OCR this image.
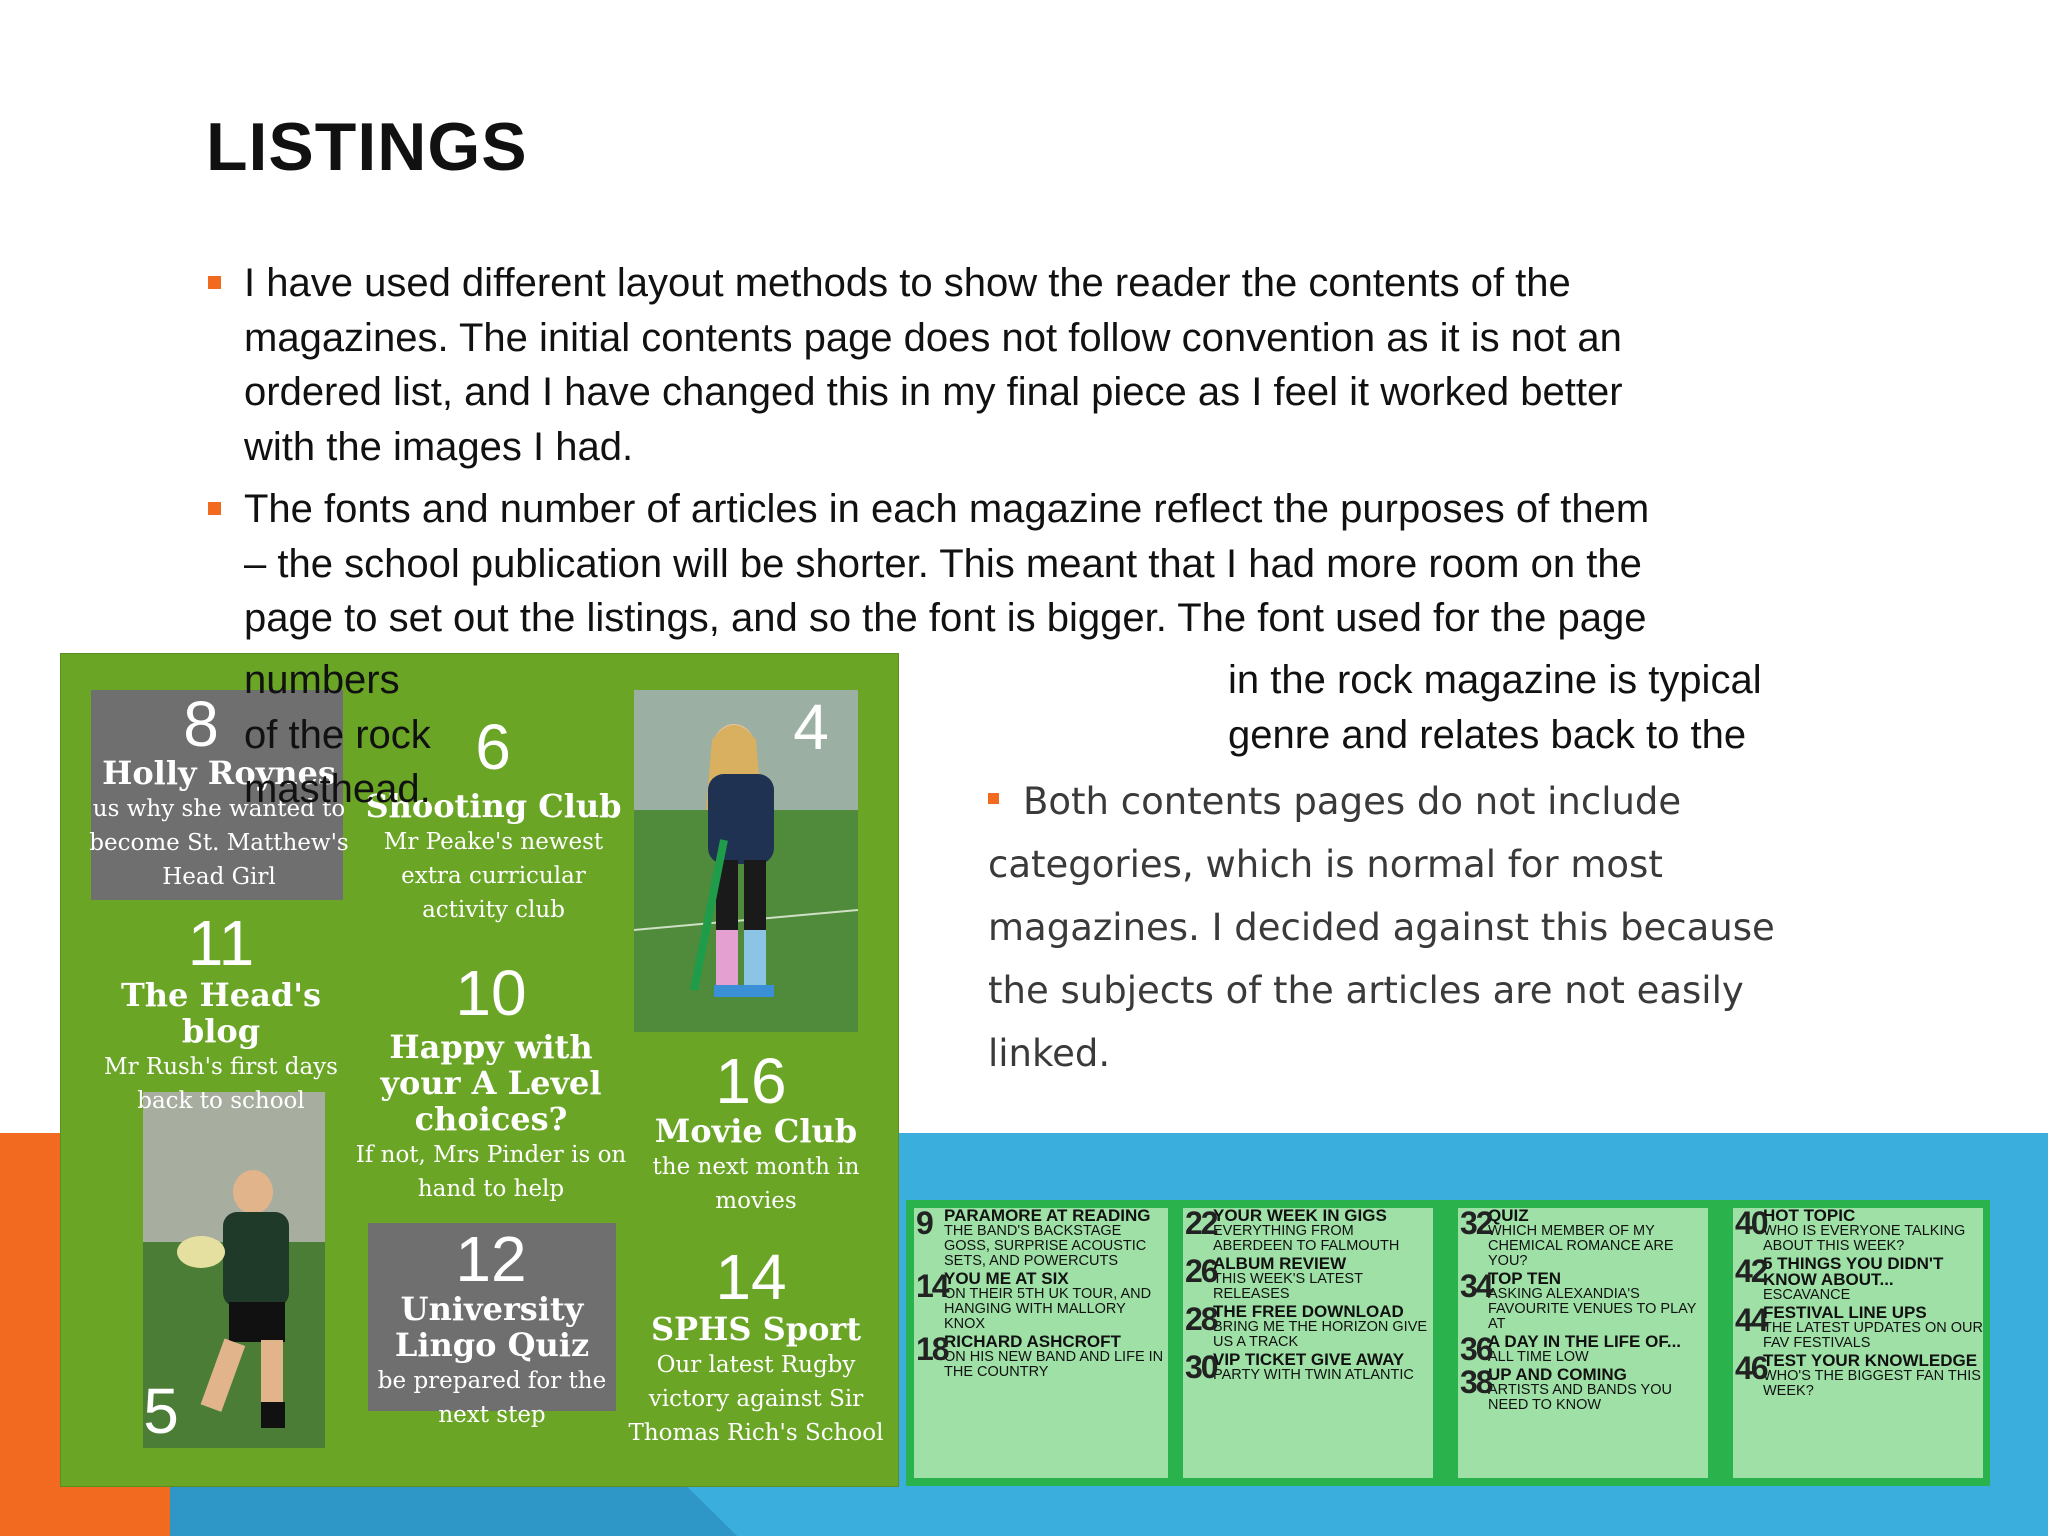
LISTINGS
I have used different layout methods to show the reader the contents of the
magazines. The initial contents page does not follow convention as it is not an
ordered list, and I have changed this in my final piece as I feel it worked better
with the images I had.
The fonts and number of articles in each magazine reflect the purposes of them
– the school publication will be shorter. This meant that I had more room on the
page to set out the listings, and so the font is bigger. The font used for the page
8
Holly Roynes
us why she wanted to become St. Matthew's Head Girl
6
Shooting Club
Mr Peake's newest extra curricular activity club
4
11
The Head's blog
Mr Rush's first days back to school
10
Happy with your A Level choices?
If not, Mrs Pinder is on hand to help
16
Movie Club
the next month in movies
12
University Lingo Quiz
be prepared for the next step
14
SPHS Sport
Our latest Rugby victory against Sir Thomas Rich's School
5
numbers	in the rock magazine is typical
of the rock	genre and relates back to the
masthead.	Both contents pages do not include
categories, which is normal for most
magazines. I decided against this because
the subjects of the articles are not easily
linked.
9 PARAMORE AT READING
THE BAND'S BACKSTAGE GOSS, SURPRISE ACOUSTIC SETS, AND POWERCUTS
14
YOU ME AT SIX
ON THEIR 5TH UK TOUR, AND HANGING WITH MALLORY KNOX
18
RICHARD ASHCROFT
ON HIS NEW BAND AND LIFE IN THE COUNTRY
22
YOUR WEEK IN GIGS
EVERYTHING FROM ABERDEEN TO FALMOUTH
26
ALBUM REVIEW
THIS WEEK'S LATEST RELEASES
28
THE FREE DOWNLOAD
BRING ME THE HORIZON GIVE US A TRACK
30
VIP TICKET GIVE AWAY
PARTY WITH TWIN ATLANTIC
32
QUIZ
WHICH MEMBER OF MY CHEMICAL ROMANCE ARE YOU?
34
TOP TEN
ASKING ALEXANDIA'S FAVOURITE VENUES TO PLAY AT
36
A DAY IN THE LIFE OF...
ALL TIME LOW
38
UP AND COMING
ARTISTS AND BANDS YOU NEED TO KNOW
40
HOT TOPIC
WHO IS EVERYONE TALKING ABOUT THIS WEEK?
42
5 THINGS YOU DIDN'T KNOW ABOUT...
ESCAVANCE
44
FESTIVAL LINE UPS
THE LATEST UPDATES ON OUR FAV FESTIVALS
46
TEST YOUR KNOWLEDGE
WHO'S THE BIGGEST FAN THIS WEEK?
